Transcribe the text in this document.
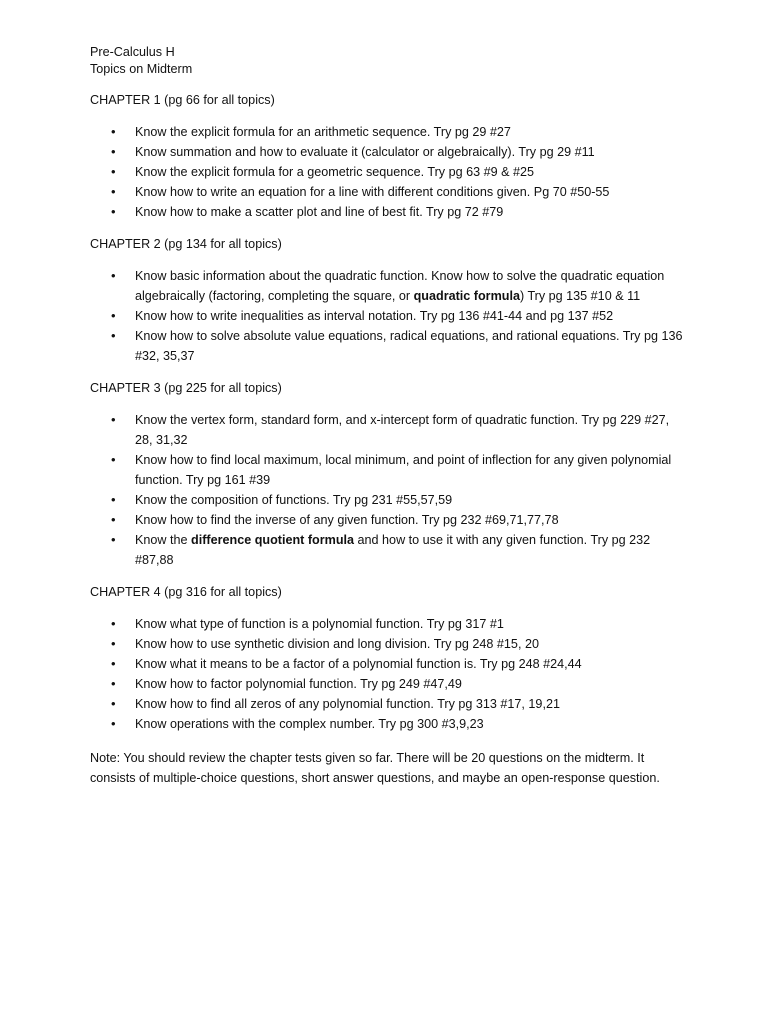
Pre-Calculus H
Topics on Midterm
CHAPTER 1 (pg 66 for all topics)
• Know the explicit formula for an arithmetic sequence. Try pg 29 #27
• Know summation and how to evaluate it (calculator or algebraically). Try pg 29 #11
• Know the explicit formula for a geometric sequence. Try pg 63 #9 & #25
• Know how to write an equation for a line with different conditions given. Pg 70 #50-55
• Know how to make a scatter plot and line of best fit. Try pg 72 #79
CHAPTER 2 (pg 134 for all topics)
• Know basic information about the quadratic function. Know how to solve the quadratic equation algebraically (factoring, completing the square, or quadratic formula) Try pg 135 #10 & 11
• Know how to write inequalities as interval notation. Try pg 136 #41-44 and pg 137 #52
• Know how to solve absolute value equations, radical equations, and rational equations. Try pg 136 #32, 35,37
CHAPTER 3 (pg 225 for all topics)
• Know the vertex form, standard form, and x-intercept form of quadratic function. Try pg 229 #27, 28, 31,32
• Know how to find local maximum, local minimum, and point of inflection for any given polynomial function. Try pg 161 #39
• Know the composition of functions. Try pg 231 #55,57,59
• Know how to find the inverse of any given function. Try pg 232 #69,71,77,78
• Know the difference quotient formula and how to use it with any given function. Try pg 232 #87,88
CHAPTER 4 (pg 316 for all topics)
• Know what type of function is a polynomial function. Try pg 317 #1
• Know how to use synthetic division and long division. Try pg 248 #15, 20
• Know what it means to be a factor of a polynomial function is. Try pg 248 #24,44
• Know how to factor polynomial function. Try pg 249 #47,49
• Know how to find all zeros of any polynomial function. Try pg 313 #17, 19,21
• Know operations with the complex number. Try pg 300 #3,9,23
Note: You should review the chapter tests given so far. There will be 20 questions on the midterm. It consists of multiple-choice questions, short answer questions, and maybe an open-response question.
